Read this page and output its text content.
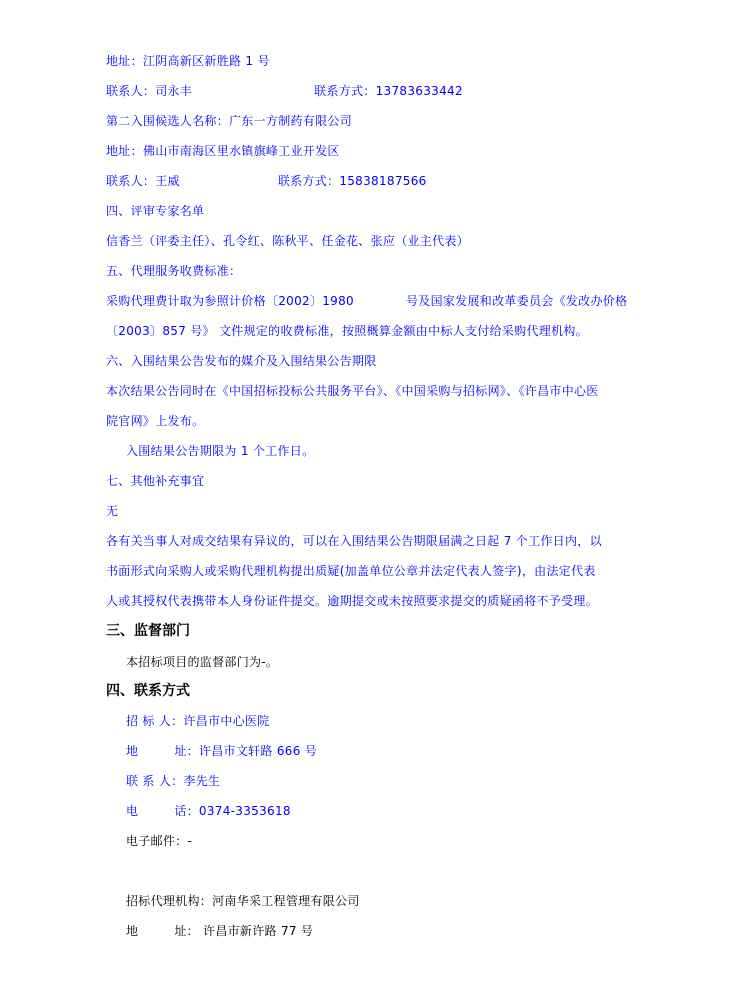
地址：江阴高新区新胜路 1 号
联系人：司永丰	联系方式：13783633442
第二入围候选人名称：广东一方制药有限公司
地址：佛山市南海区里水镇旗峰工业开发区
联系人：王威	联系方式：15838187566
四、评审专家名单
信香兰（评委主任）、孔令红、陈秋平、任金花、张应（业主代表）
五、代理服务收费标准：
采购代理费计取为参照计价格〔2002〕1980	号及国家发展和改革委员会《发改办价格
〔2003〕857 号》 文件规定的收费标准，按照概算金额由中标人支付给采购代理机构。
六、入围结果公告发布的媒介及入围结果公告期限
本次结果公告同时在《中国招标投标公共服务平台》、《中国采购与招标网》、《许昌市中心医
院官网》上发布。
入围结果公告期限为 1 个工作日。
七、其他补充事宜
无
各有关当事人对成交结果有异议的，可以在入围结果公告期限届满之日起 7 个工作日内，以
书面形式向采购人或采购代理机构提出质疑(加盖单位公章并法定代表人签字)，由法定代表
人或其授权代表携带本人身份证件提交。逾期提交或未按照要求提交的质疑函将不予受理。
三、监督部门
本招标项目的监督部门为-。
四、联系方式
招 标 人：许昌市中心医院
地	址：许昌市文轩路 666 号
联 系 人：李先生
电	话：0374-3353618
电子邮件：-
招标代理机构：河南华采工程管理有限公司
地	址： 许昌市新许路 77 号
